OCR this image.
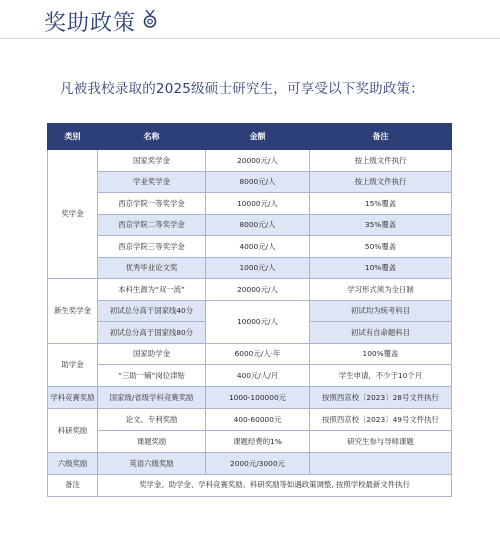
奖助政策
凡被我校录取的2025级硕士研究生，可享受以下奖助政策：
类别	名称	金额	备注
奖学金	国家奖学金	20000元/人	按上级文件执行
	学业奖学金	8000元/人	按上级文件执行
	西京学院一等奖学金	10000元/人	15%覆盖
	西京学院二等奖学金	8000元/人	35%覆盖
	西京学院三等奖学金	4000元/人	50%覆盖
	优秀毕业论文奖	1000元/人	10%覆盖
新生奖学金	本科生源为“双一流”	20000元/人	学习形式须为全日制
	初试总分高于国家线40分	10000元/人	初试均为统考科目
	初试总分高于国家线80分		初试有自命题科目
助学金	国家助学金	6000元/人·年	100%覆盖
	“三助一辅”岗位津贴	400元/人/月	学生申请，不少于10个月
学科竞赛奖励	国家级/省级学科竞赛奖励	1000-100000元	按照西京校〔2023〕28号文件执行
科研奖励	论文、专利奖励	400-60000元	按照西京校〔2023〕49号文件执行
	课题奖励	课题经费的1%	研究生参与导师课题
六级奖励	英语六级奖励	2000元/3000元	
备注	奖学金、助学金、学科竞赛奖励、科研奖励等如遇政策调整, 按照学校最新文件执行		
